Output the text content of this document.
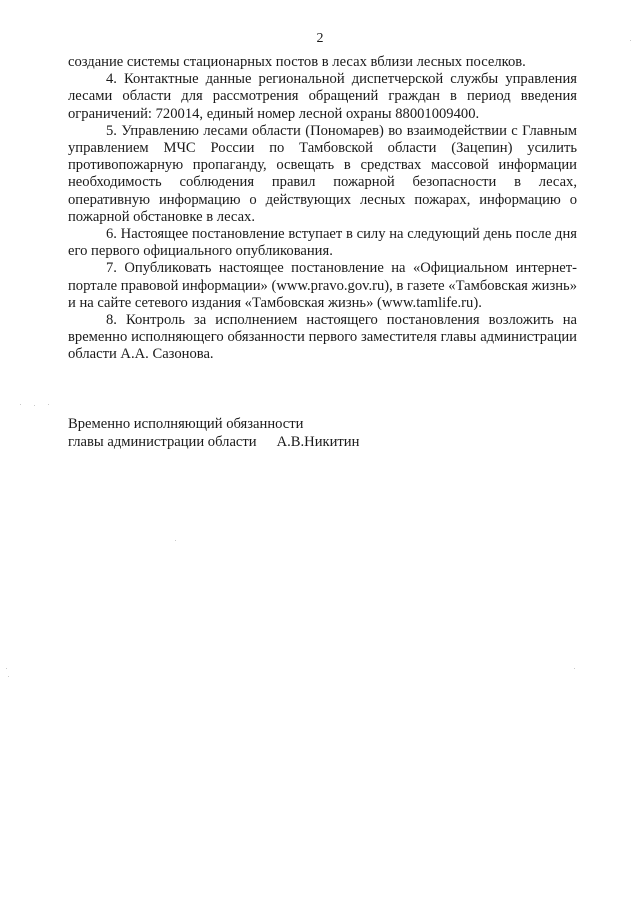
2

создание системы стационарных постов в лесах вблизи лесных поселков.

4. Контактные данные региональной диспетчерской службы управления лесами области для рассмотрения обращений граждан в период введения ограничений: 720014, единый номер лесной охраны 88001009400.

5. Управлению лесами области (Пономарев) во взаимодействии с Главным управлением МЧС России по Тамбовской области (Зацепин) усилить противопожарную пропаганду, освещать в средствах массовой информации необходимость соблюдения правил пожарной безопасности в лесах, оперативную информацию о действующих лесных пожарах, информацию о пожарной обстановке в лесах.

6. Настоящее постановление вступает в силу на следующий день после дня его первого официального опубликования.

7. Опубликовать настоящее постановление на «Официальном интернет-портале правовой информации» (www.pravo.gov.ru), в газете «Тамбовская жизнь» и на сайте сетевого издания «Тамбовская жизнь» (www.tamlife.ru).

8. Контроль за исполнением настоящего постановления возложить на временно исполняющего обязанности первого заместителя главы администрации области А.А. Сазонова.

Временно исполняющий обязанности
главы администрации области А.В.Никитин
